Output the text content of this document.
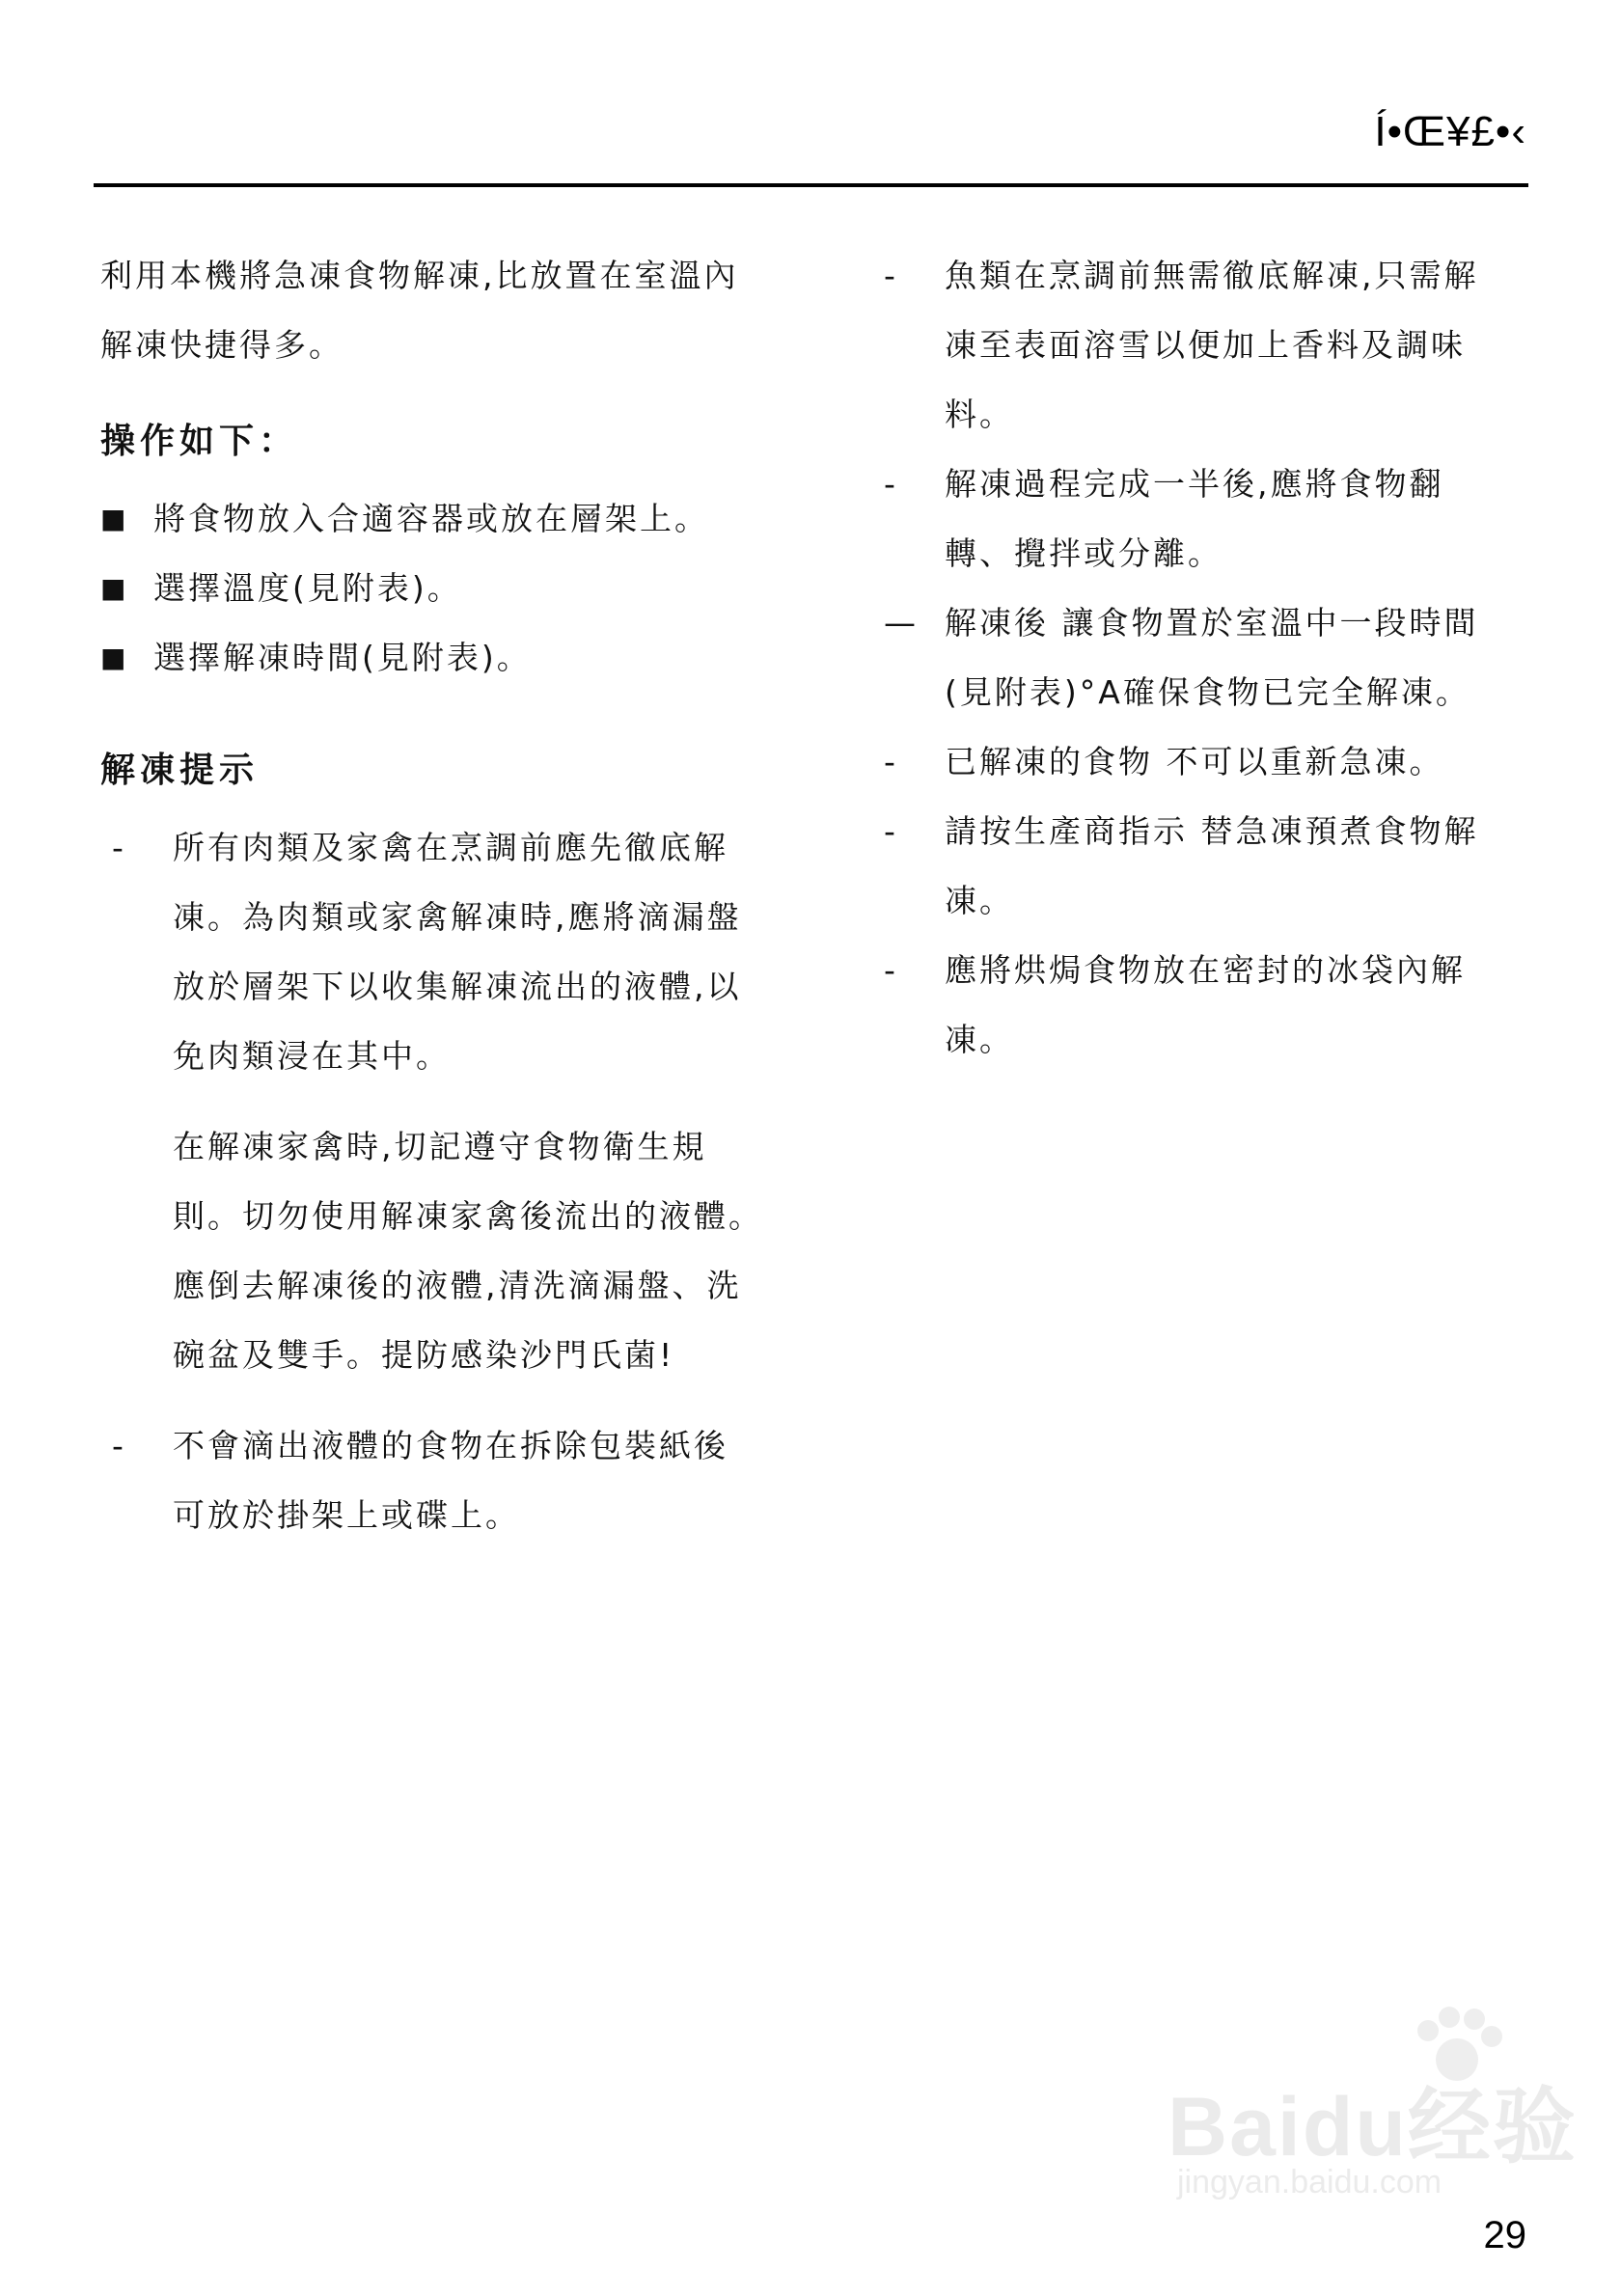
Í•Œ¥£•‹

利用本機將急凍食物解凍,比放置在室溫內
解凍快捷得多。

操作如下：

■ 將食物放入合適容器或放在層架上。
■ 選擇溫度(見附表)。
■ 選擇解凍時間(見附表)。

解凍提示

-	所有肉類及家禽在烹調前應先徹底解
凍。為肉類或家禽解凍時,應將滴漏盤
放於層架下以收集解凍流出的液體,以
免肉類浸在其中。

在解凍家禽時,切記遵守食物衛生規
則。切勿使用解凍家禽後流出的液體。
應倒去解凍後的液體,清洗滴漏盤、洗
碗盆及雙手。提防感染沙門氏菌!

-	不會滴出液體的食物在拆除包裝紙後
可放於掛架上或碟上。
-	魚類在烹調前無需徹底解凍,只需解
凍至表面溶雪以便加上香料及調味
料。
-	解凍過程完成一半後,應將食物翻
轉、攪拌或分離。
— 解凍後 讓食物置於室溫中一段時間
(見附表)°A確保食物已完全解凍。
-	已解凍的食物 不可以重新急凍。
-	請按生產商指示 替急凍預煮食物解
凍。
-	應將烘焗食物放在密封的冰袋內解
凍。
Baidu经验
jingyan.baidu.com
29
